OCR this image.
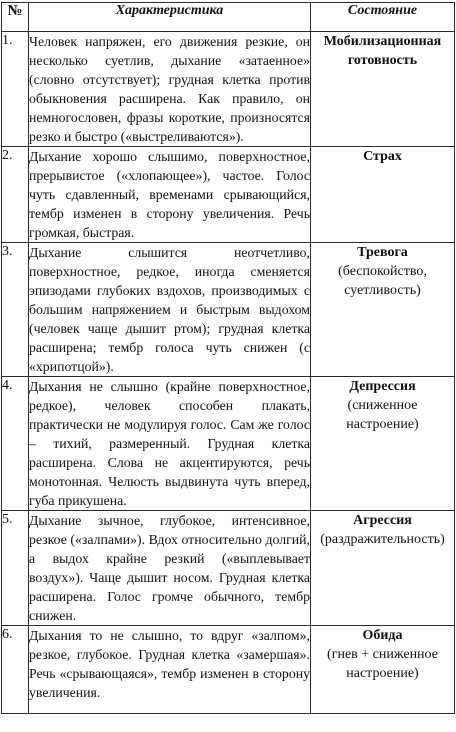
№	Характеристика	Состояние
1.	Человек напряжен, его движения резкие, он несколько суетлив, дыхание «затаенное» (словно отсутствует); грудная клетка против обыкновения расширена. Как правило, он немногословен, фразы короткие, произносятся резко и быстро («выстреливаются»).	Мобилизационная готовность

2.	Дыхание хорошо слышимо, поверхностное, прерывистое («хлопающее»), частое. Голос чуть сдавленный, временами срывающийся, тембр изменен в сторону увеличения. Речь громкая, быстрая.	Страх

3.	Дыхание слышится неотчетливо, поверхностное, редкое, иногда сменяется эпизодами глубоких вздохов, производимых с большим напряжением и быстрым выдохом (человек чаще дышит ртом); грудная клетка расширена; тембр голоса чуть снижен (с «хрипотцой»).	Тревога
(беспокойство, суетливость)

4.	Дыхания не слышно (крайне поверхностное, редкое), человек способен плакать, практически не модулируя голос. Сам же голос – тихий, размеренный. Грудная клетка расширена. Слова не акцентируются, речь монотонная. Челюсть выдвинута чуть вперед, губа прикушена.	Депрессия
(сниженное настроение)

5.	Дыхание зычное, глубокое, интенсивное, резкое («залпами»). Вдох относительно долгий, а выдох крайне резкий («выплевывает воздух»). Чаще дышит носом. Грудная клетка расширена. Голос громче обычного, тембр снижен.	Агрессия
(раздражительность)

6.	Дыхания то не слышно, то вдруг «залпом», резкое, глубокое. Грудная клетка «замершая». Речь «срывающаяся», тембр изменен в сторону увеличения.	Обида
(гнев + сниженное настроение)
